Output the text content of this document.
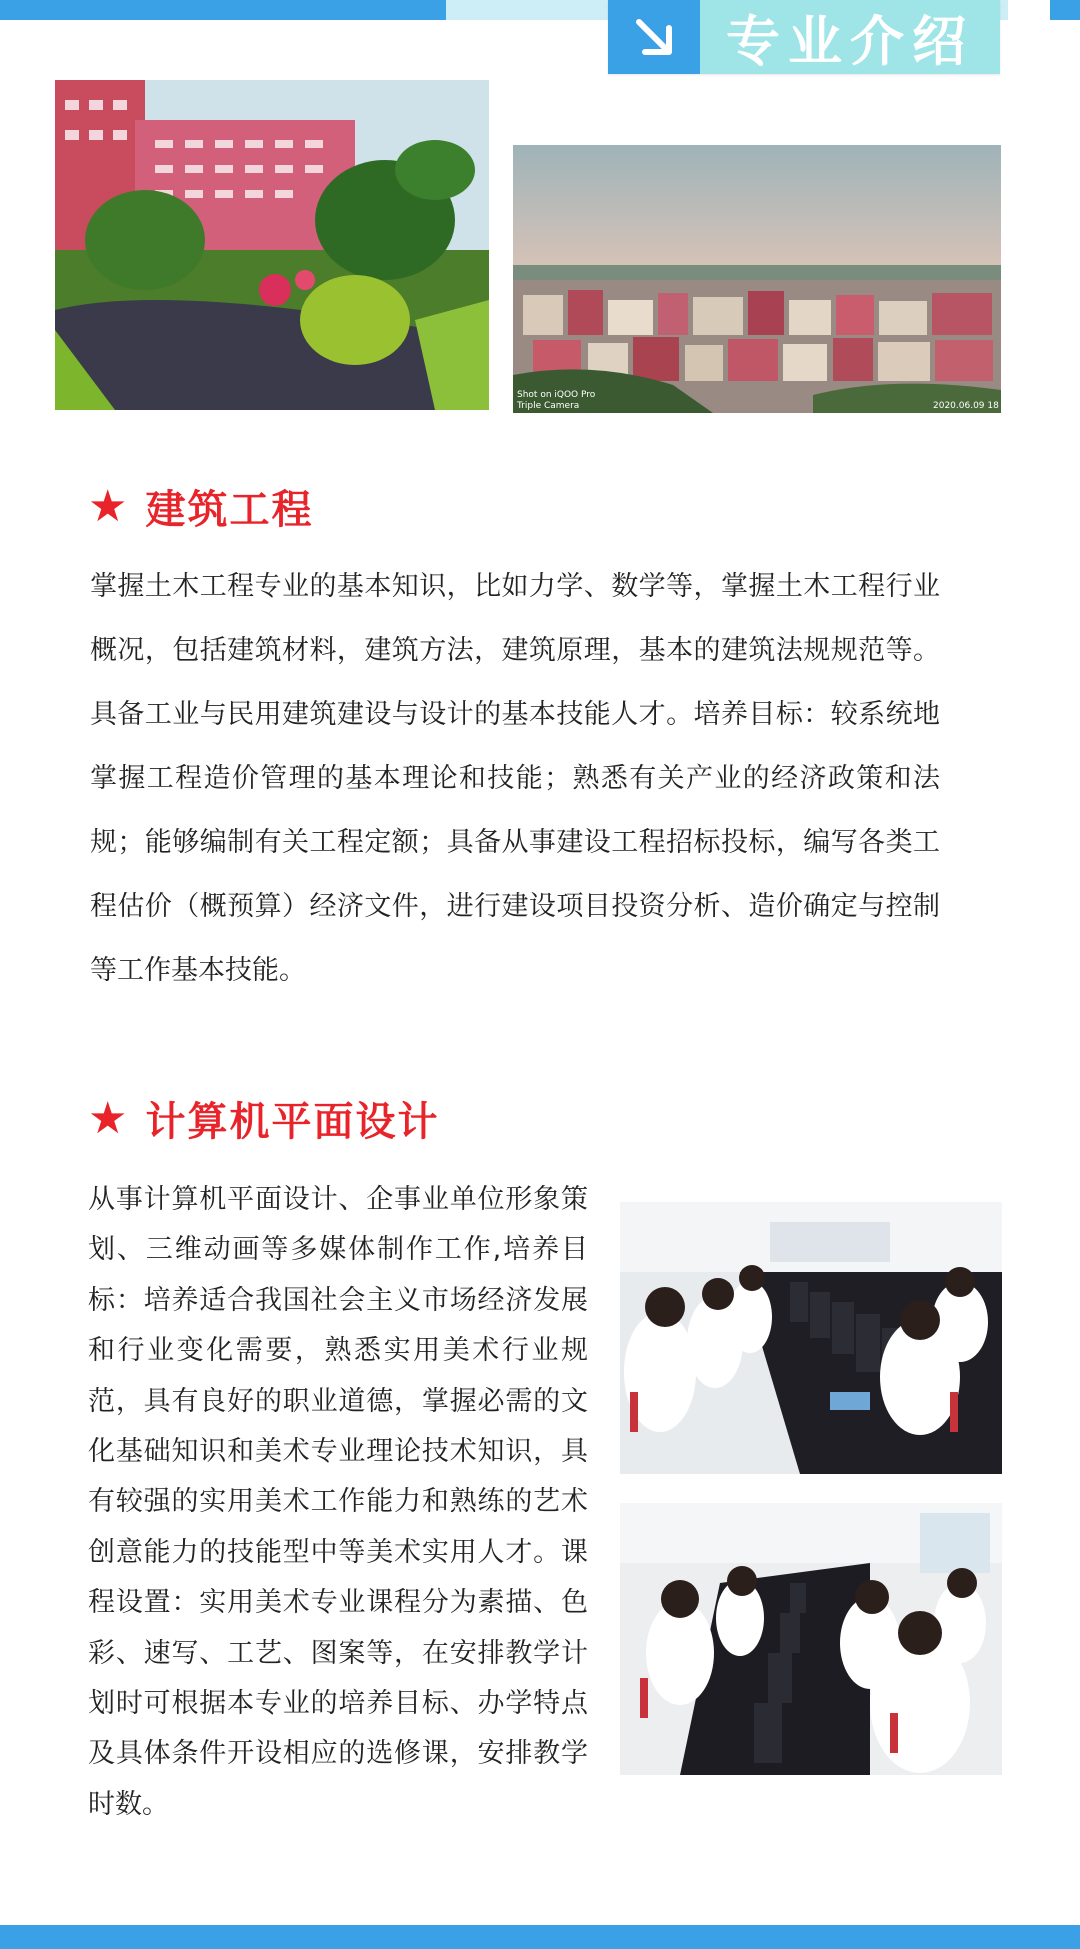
专业介绍
Shot on iQOO Pro
Triple Camera	2020.06.09 18
★ 建筑工程
掌握土木工程专业的基本知识，比如力学、数学等，掌握土木工程行业概况，包括建筑材料，建筑方法，建筑原理，基本的建筑法规规范等。具备工业与民用建筑建设与设计的基本技能人才。培养目标：较系统地掌握工程造价管理的基本理论和技能；熟悉有关产业的经济政策和法规；能够编制有关工程定额；具备从事建设工程招标投标，编写各类工程估价（概预算）经济文件，进行建设项目投资分析、造价确定与控制等工作基本技能。
★ 计算机平面设计
从事计算机平面设计、企事业单位形象策划、三维动画等多媒体制作工作,培养目标：培养适合我国社会主义市场经济发展和行业变化需要，熟悉实用美术行业规范，具有良好的职业道德，掌握必需的文化基础知识和美术专业理论技术知识，具有较强的实用美术工作能力和熟练的艺术创意能力的技能型中等美术实用人才。课程设置：实用美术专业课程分为素描、色彩、速写、工艺、图案等，在安排教学计划时可根据本专业的培养目标、办学特点及具体条件开设相应的选修课，安排教学时数。
